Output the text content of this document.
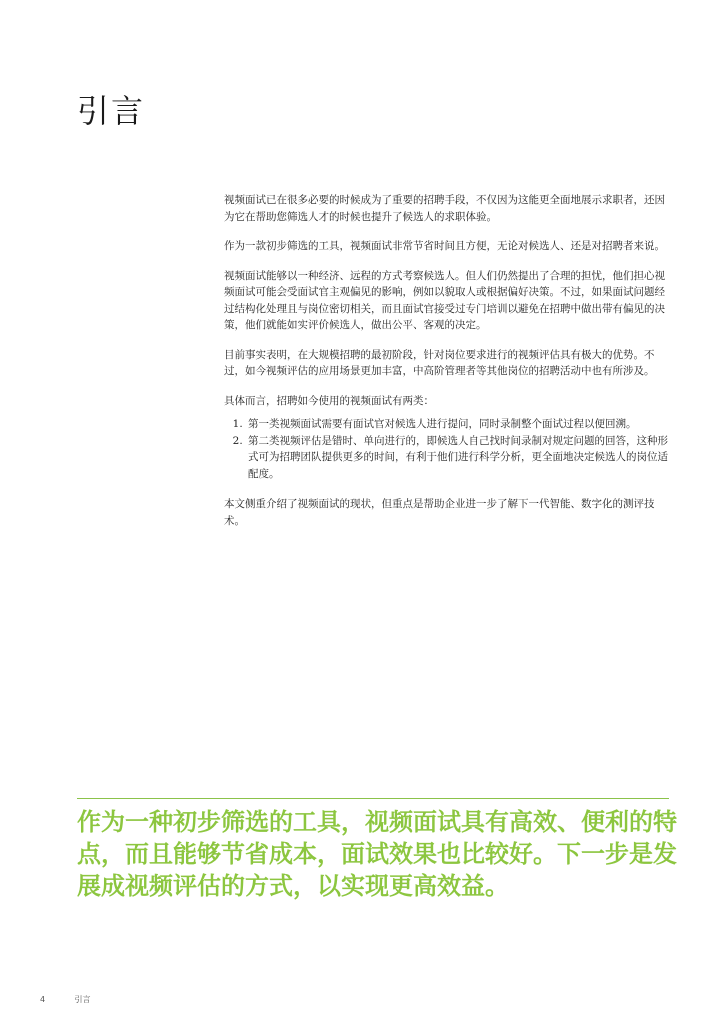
引言

视频面试已在很多必要的时候成为了重要的招聘手段，不仅因为这能更全面地展示求职者，还因为它在帮助您筛选人才的时候也提升了候选人的求职体验。

作为一款初步筛选的工具，视频面试非常节省时间且方便，无论对候选人、还是对招聘者来说。

视频面试能够以一种经济、远程的方式考察候选人。但人们仍然提出了合理的担忧，他们担心视频面试可能会受面试官主观偏见的影响，例如以貌取人或根据偏好决策。不过，如果面试问题经过结构化处理且与岗位密切相关，而且面试官接受过专门培训以避免在招聘中做出带有偏见的决策，他们就能如实评价候选人，做出公平、客观的决定。

目前事实表明，在大规模招聘的最初阶段，针对岗位要求进行的视频评估具有极大的优势。不过，如今视频评估的应用场景更加丰富，中高阶管理者等其他岗位的招聘活动中也有所涉及。

具体而言，招聘如今使用的视频面试有两类：

1. 第一类视频面试需要有面试官对候选人进行提问，同时录制整个面试过程以便回溯。
2. 第二类视频评估是错时、单向进行的，即候选人自己找时间录制对规定问题的回答，这种形式可为招聘团队提供更多的时间，有利于他们进行科学分析，更全面地决定候选人的岗位适配度。

本文侧重介绍了视频面试的现状，但重点是帮助企业进一步了解下一代智能、数字化的测评技术。

作为一种初步筛选的工具，视频面试具有高效、便利的特点，而且能够节省成本，面试效果也比较好。下一步是发展成视频评估的方式，以实现更高效益。

4	引言
